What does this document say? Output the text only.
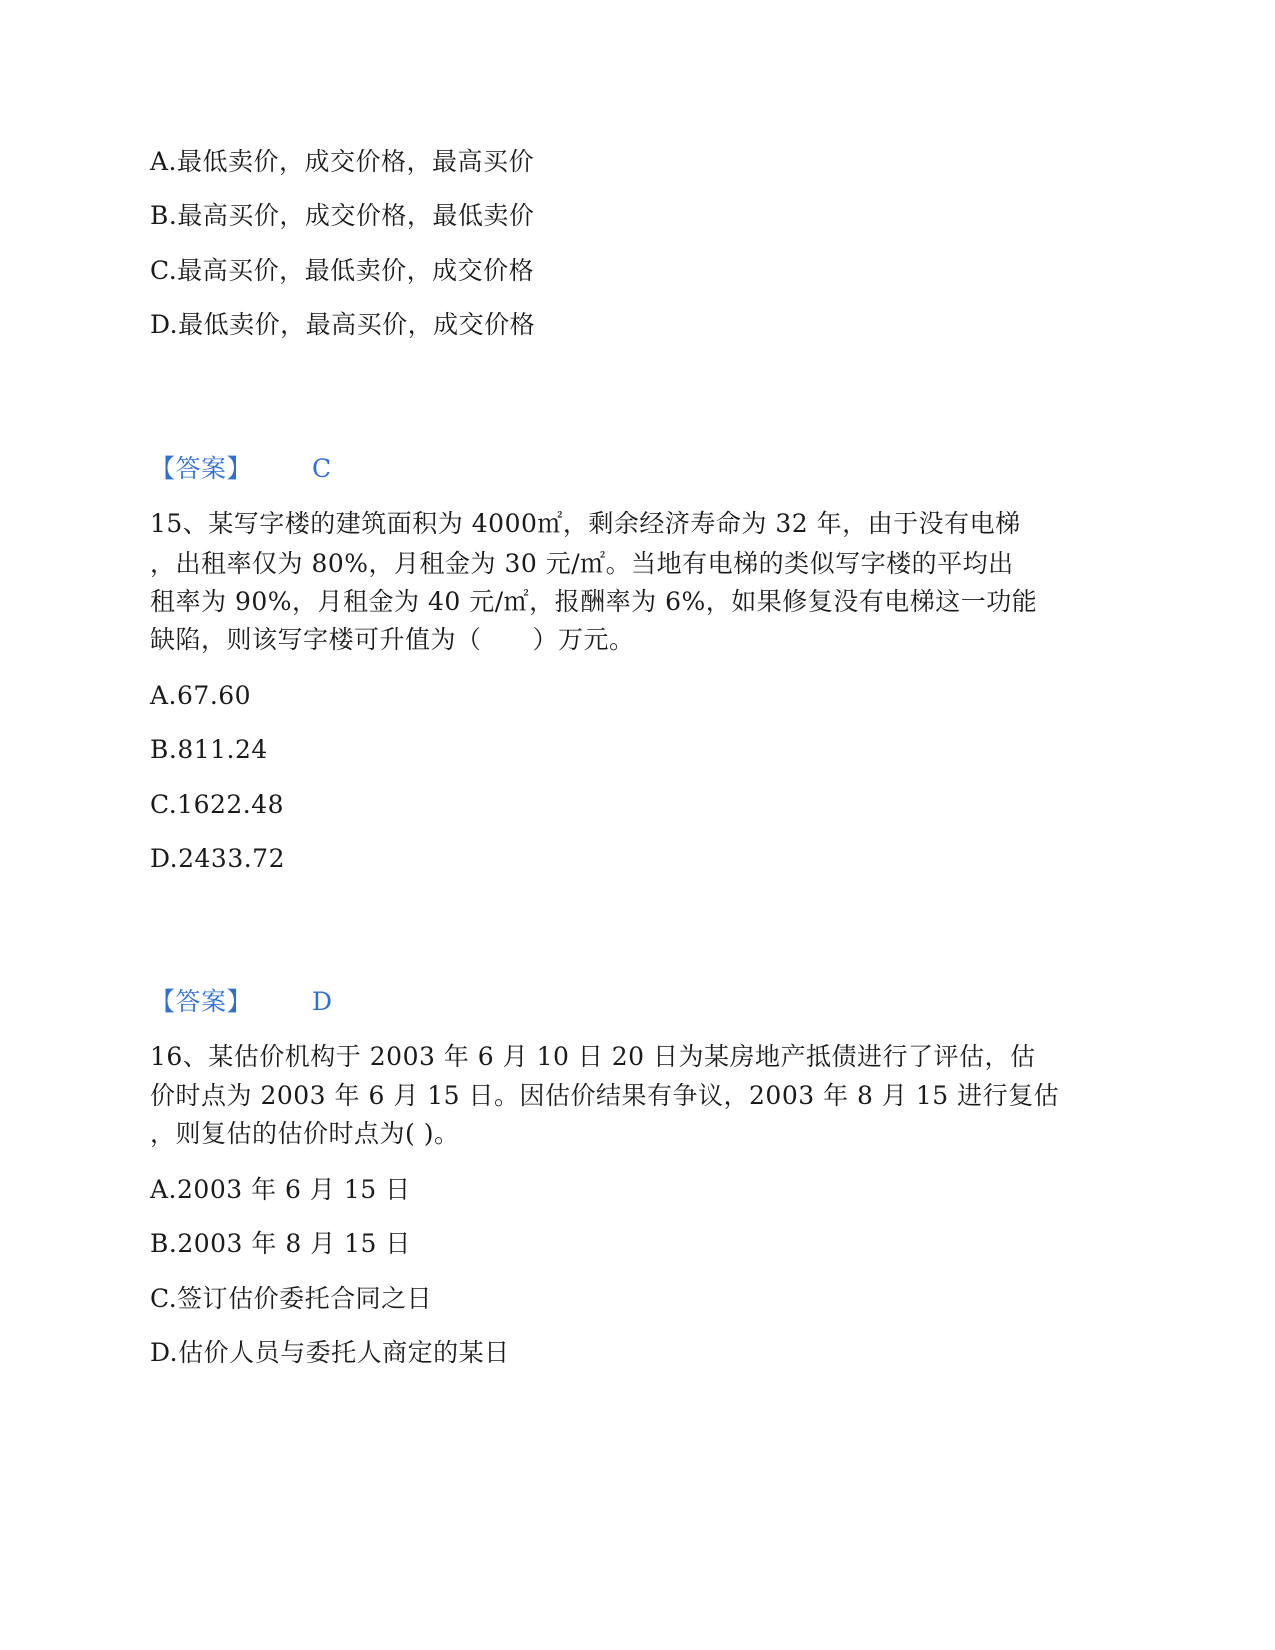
A.最低卖价，成交价格，最高买价
B.最高买价，成交价格，最低卖价
C.最高买价，最低卖价，成交价格
D.最低卖价，最高买价，成交价格
【答案】 C
15、某写字楼的建筑面积为 4000㎡，剩余经济寿命为 32 年，由于没有电梯
，出租率仅为 80%，月租金为 30 元/㎡。当地有电梯的类似写字楼的平均出
租率为 90%，月租金为 40 元/㎡，报酬率为 6%，如果修复没有电梯这一功能
缺陷，则该写字楼可升值为（　　）万元。
A.67.60
B.811.24
C.1622.48
D.2433.72
【答案】 D
16、某估价机构于 2003 年 6 月 10 日 20 日为某房地产抵债进行了评估，估
价时点为 2003 年 6 月 15 日。因估价结果有争议，2003 年 8 月 15 进行复估
，则复估的估价时点为( )。
A.2003 年 6 月 15 日
B.2003 年 8 月 15 日
C.签订估价委托合同之日
D.估价人员与委托人商定的某日
